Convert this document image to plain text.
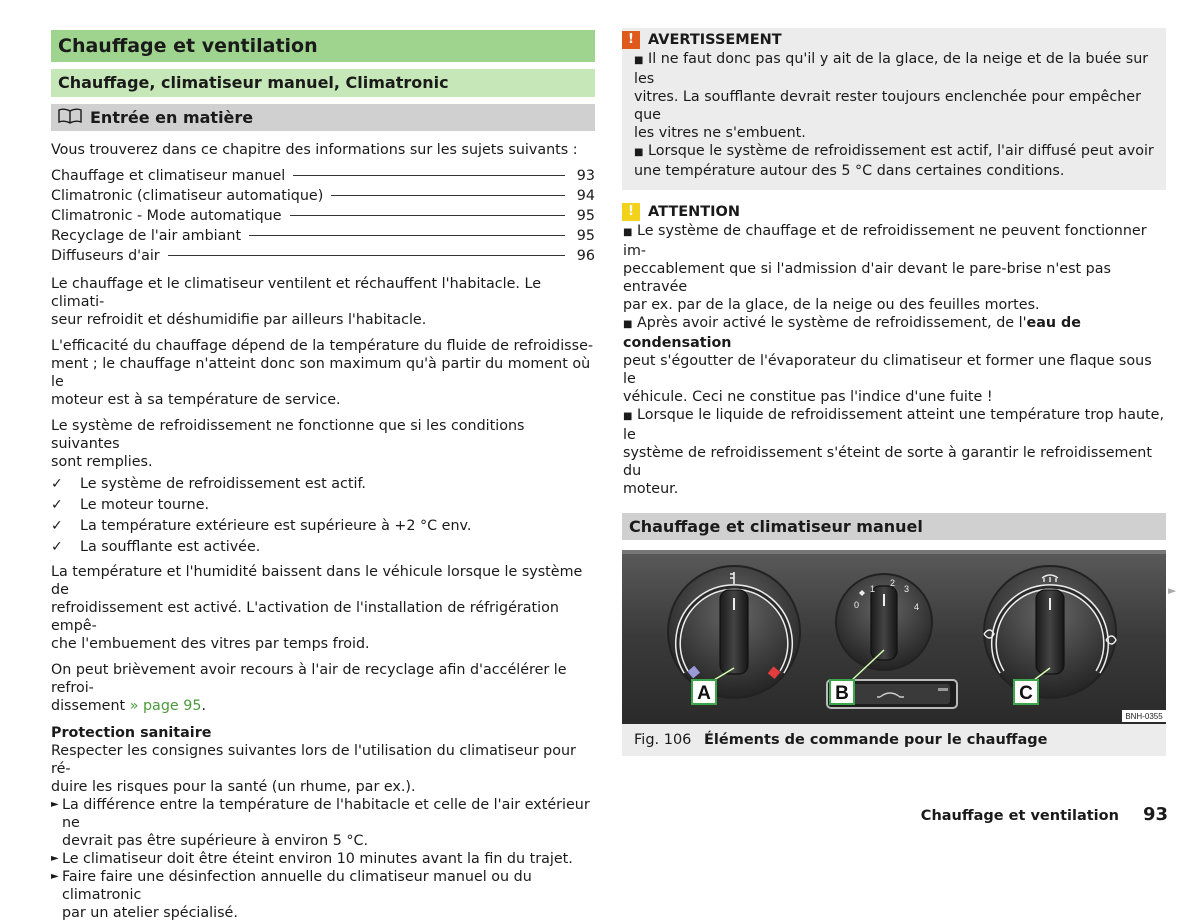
Chauffage et ventilation
Chauffage, climatiseur manuel, Climatronic
Entrée en matière

Vous trouverez dans ce chapitre des informations sur les sujets suivants :

Chauffage et climatiseur manuel	93
Climatronic (climatiseur automatique)	94
Climatronic - Mode automatique	95
Recyclage de l'air ambiant	95
Diffuseurs d'air	96

Le chauffage et le climatiseur ventilent et réchauffent l'habitacle. Le climati-
seur refroidit et déshumidifie par ailleurs l'habitacle.

L'efficacité du chauffage dépend de la température du fluide de refroidisse-
ment ; le chauffage n'atteint donc son maximum qu'à partir du moment où le
moteur est à sa température de service.

Le système de refroidissement ne fonctionne que si les conditions suivantes
sont remplies.

✓	Le système de refroidissement est actif.
✓	Le moteur tourne.
✓	La température extérieure est supérieure à +2 °C env.
✓	La soufflante est activée.

La température et l'humidité baissent dans le véhicule lorsque le système de
refroidissement est activé. L'activation de l'installation de réfrigération empê-
che l'embuement des vitres par temps froid.

On peut brièvement avoir recours à l'air de recyclage afin d'accélérer le refroi-
dissement » page 95.

Protection sanitaire

Respecter les consignes suivantes lors de l'utilisation du climatiseur pour ré-
duire les risques pour la santé (un rhume, par ex.).

► La différence entre la température de l'habitacle et celle de l'air extérieur ne
devrait pas être supérieure à environ 5 °C.
► Le climatiseur doit être éteint environ 10 minutes avant la fin du trajet.
► Faire faire une désinfection annuelle du climatiseur manuel ou du climatronic
par un atelier spécialisé.
! AVERTISSEMENT
■ Il ne faut donc pas qu'il y ait de la glace, de la neige et de la buée sur les
vitres. La soufflante devrait rester toujours enclenchée pour empêcher que
les vitres ne s'embuent.
■ Lorsque le système de refroidissement est actif, l'air diffusé peut avoir
une température autour des 5 °C dans certaines conditions.
! ATTENTION
■ Le système de chauffage et de refroidissement ne peuvent fonctionner im-
peccablement que si l'admission d'air devant le pare-brise n'est pas entravée
par ex. par de la glace, de la neige ou des feuilles mortes.
■ Après avoir activé le système de refroidissement, de l'eau de condensation
peut s'égoutter de l'évaporateur du climatiseur et former une flaque sous le
véhicule. Ceci ne constitue pas l'indice d'une fuite !
■ Lorsque le liquide de refroidissement atteint une température trop haute, le
système de refroidissement s'éteint de sorte à garantir le refroidissement du
moteur.
Chauffage et climatiseur manuel
A	B	C
0
1
2
3
4
BNH-0355
Fig. 106 Éléments de commande pour le chauffage
►
Chauffage et ventilation 93
